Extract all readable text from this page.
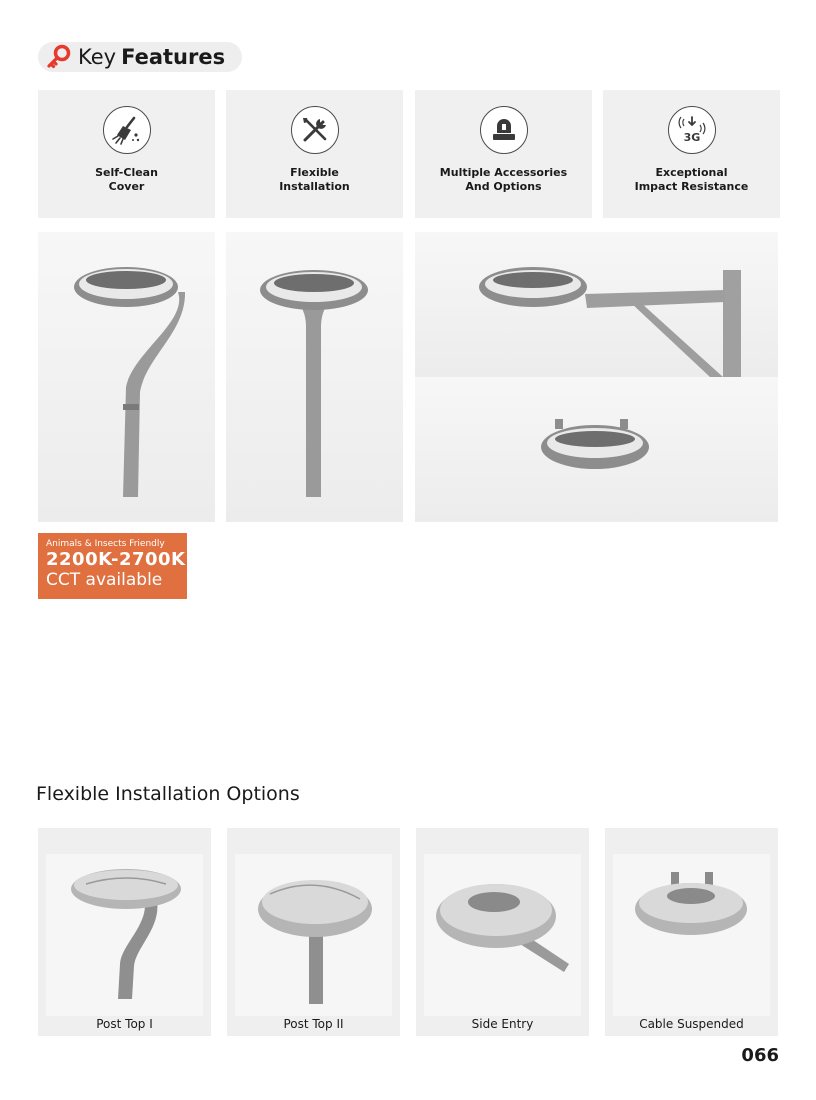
Key Features
Self-Clean
Cover
Flexible
Installation
Multiple Accessories
And Options
3G
Exceptional
Impact Resistance
Animals & Insects Friendly
2200K-2700K
CCT available
Flexible Installation Options
Post Top I	Post Top II	Side Entry	Cable Suspended
066
